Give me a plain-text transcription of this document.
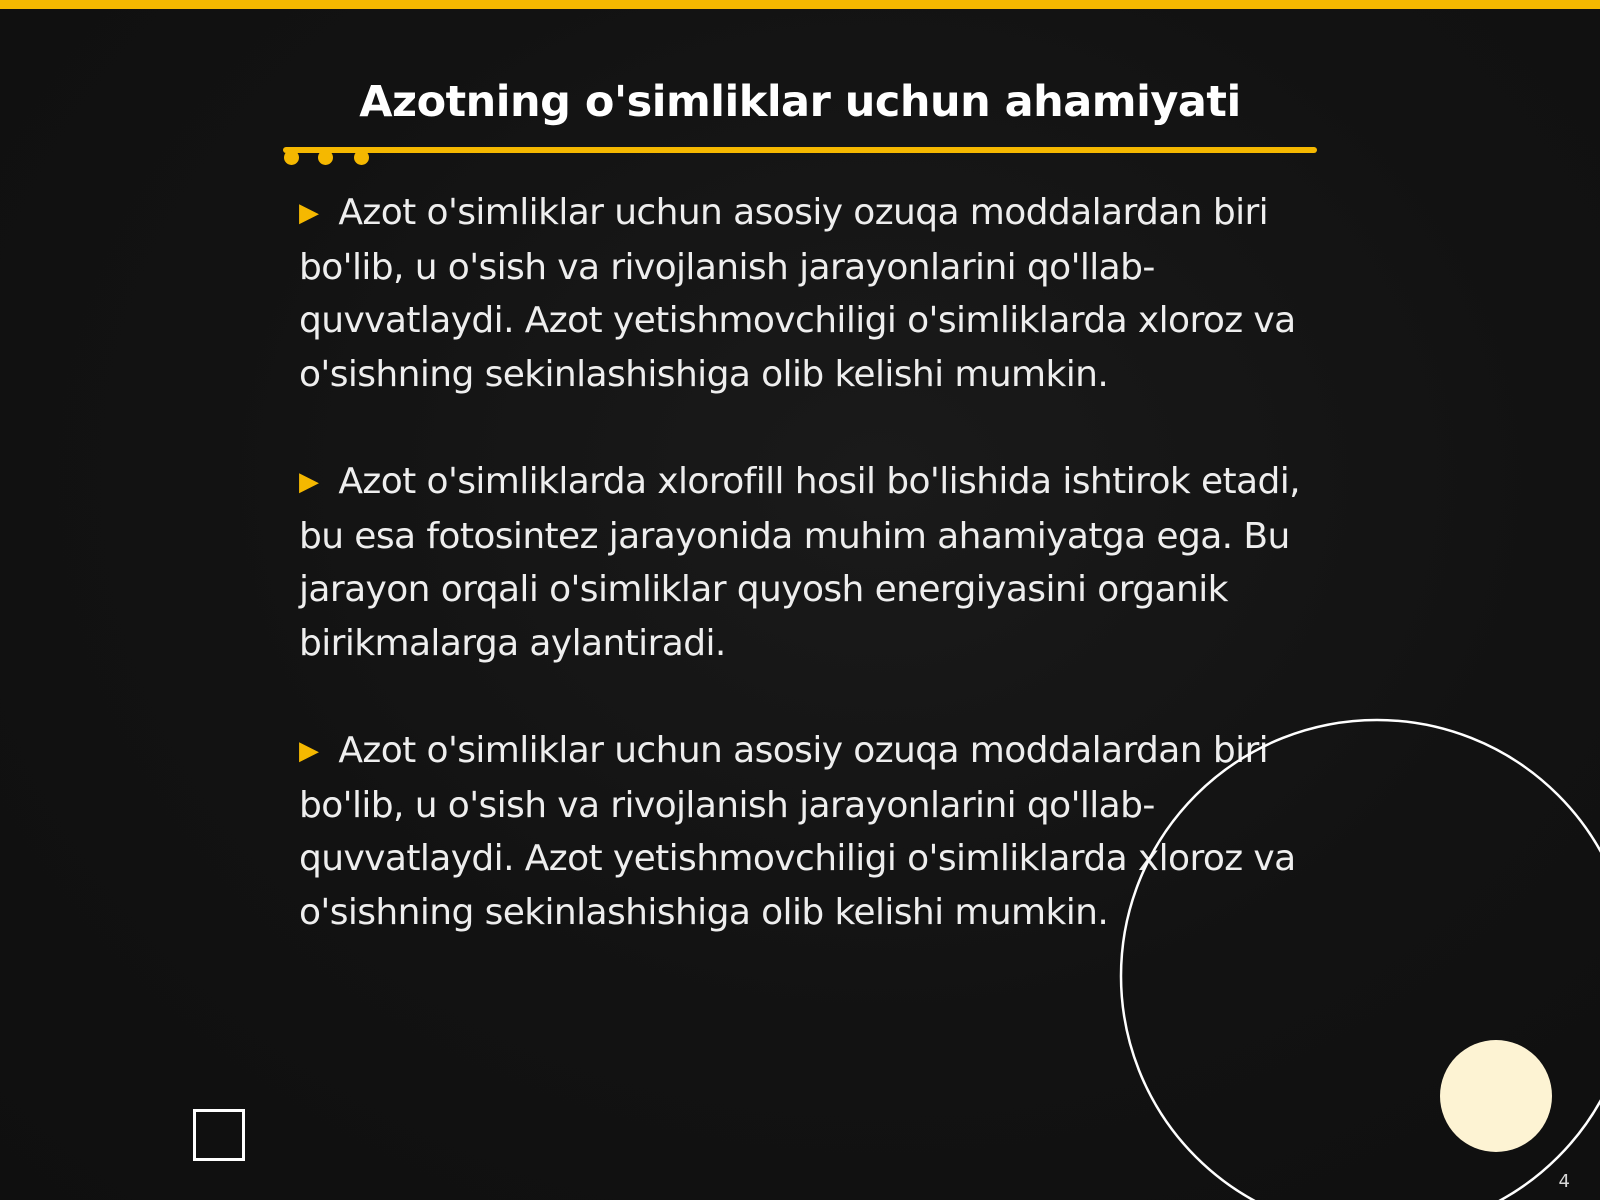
Azotning o'simliklar uchun ahamiyati

▶ Azot o'simliklar uchun asosiy ozuqa moddalardan biri bo'lib, u o'sish va rivojlanish jarayonlarini qo'llab-quvvatlaydi. Azot yetishmovchiligi o'simliklarda xloroz va o'sishning sekinlashishiga olib kelishi mumkin.

▶ Azot o'simliklarda xlorofill hosil bo'lishida ishtirok etadi, bu esa fotosintez jarayonida muhim ahamiyatga ega. Bu jarayon orqali o'simliklar quyosh energiyasini organik birikmalarga aylantiradi.

▶ Azot o'simliklar uchun asosiy ozuqa moddalardan biri bo'lib, u o'sish va rivojlanish jarayonlarini qo'llab-quvvatlaydi. Azot yetishmovchiligi o'simliklarda xloroz va o'sishning sekinlashishiga olib kelishi mumkin.

4
